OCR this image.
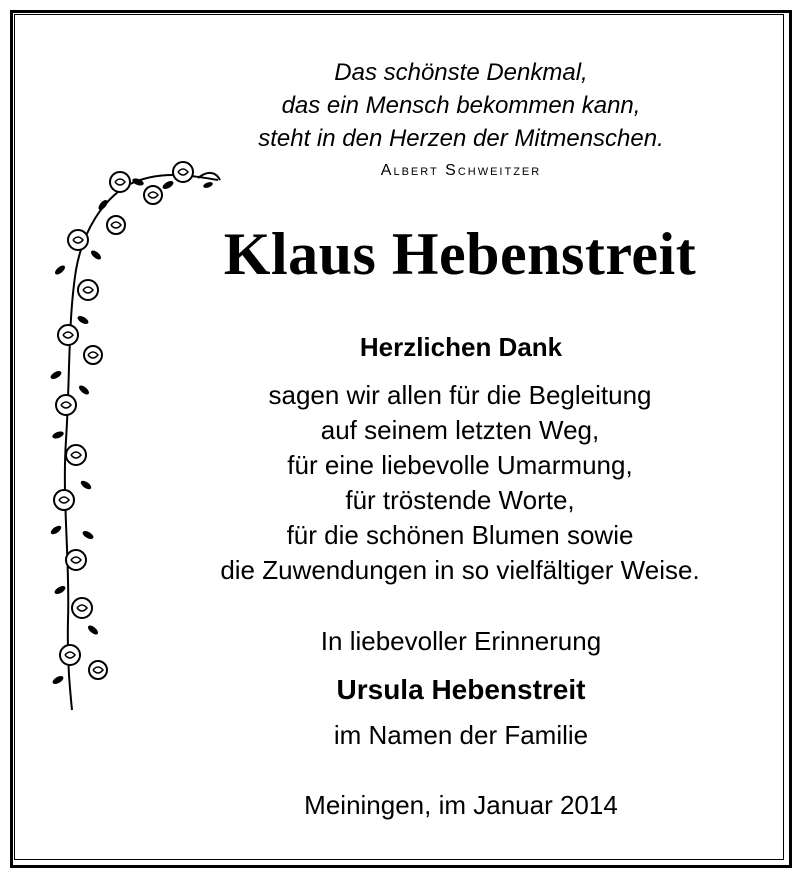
Das schönste Denkmal,
das ein Mensch bekommen kann,
steht in den Herzen der Mitmenschen.
Albert Schweitzer
Klaus Hebenstreit
Herzlichen Dank
sagen wir allen für die Begleitung
auf seinem letzten Weg,
für eine liebevolle Umarmung,
für tröstende Worte,
für die schönen Blumen sowie
die Zuwendungen in so vielfältiger Weise.
In liebevoller Erinnerung
Ursula Hebenstreit
im Namen der Familie
Meiningen, im Januar 2014
